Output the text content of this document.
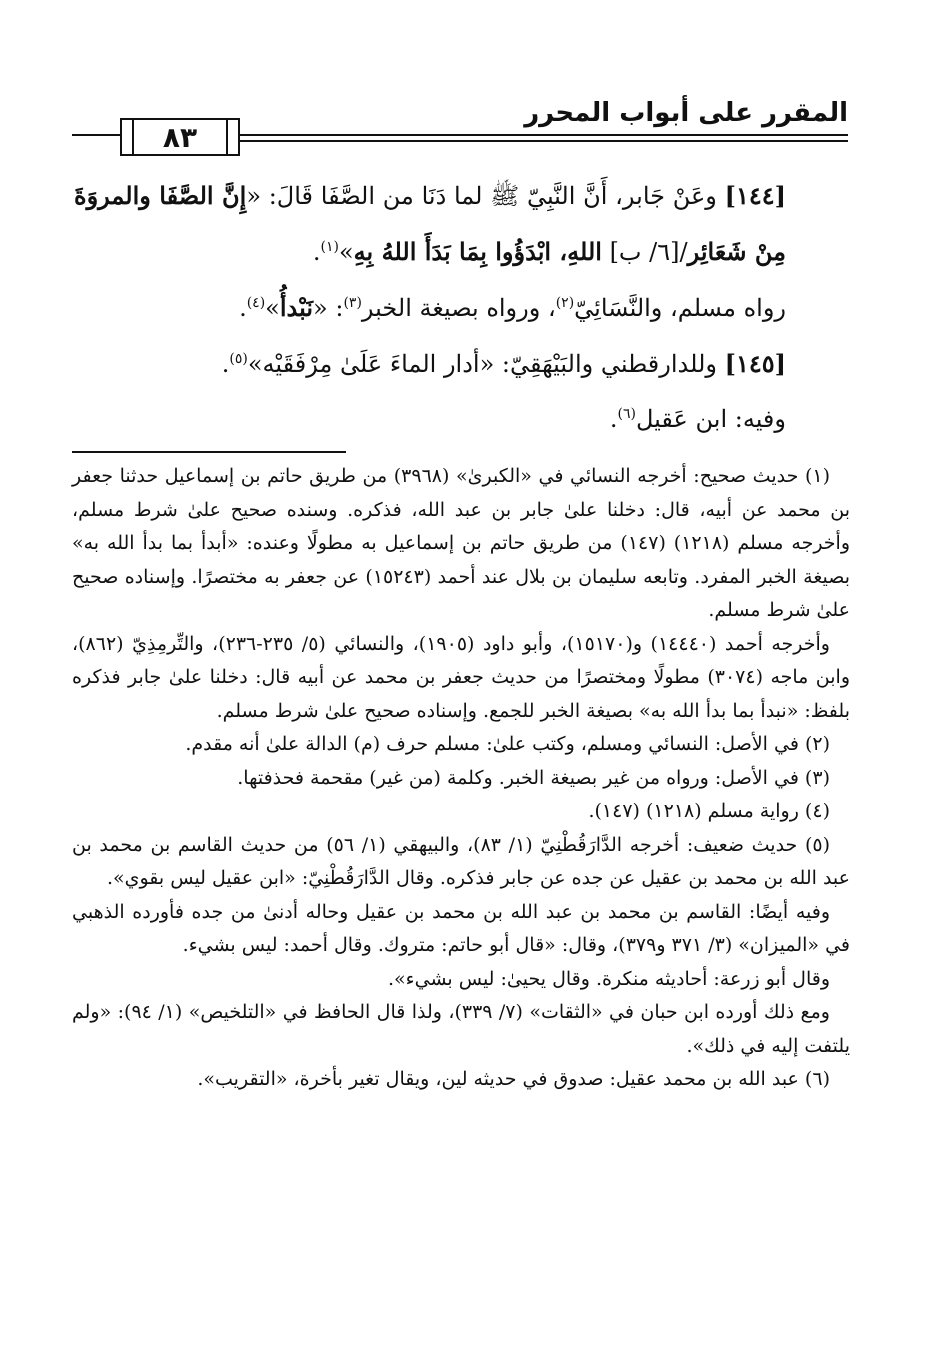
المقرر على أبواب المحرر
٨٣

[١٤٤] وعَنْ جَابر، أَنَّ النَّبِيّ ﷺ لما دَنَا من الصَّفَا قَالَ: «إِنَّ الصَّفَا والمروَةَ مِنْ شَعَائِر/[٦/ ب] اللهِ، ابْدَؤُوا بِمَا بَدَأَ اللهُ بِهِ»$^{(١)}$.

رواه مسلم، والنَّسَائِيّ$^{(٢)}$، ورواه بصيغة الخبر$^{(٣)}$: «نَبْدأُ»$^{(٤)}$.

[١٤٥] وللدارقطني والبَيْهَقِيّ: «أدار الماءَ عَلَىٰ مِرْفَقَيْه»$^{(٥)}$.

وفيه: ابن عَقيل$^{(٦)}$.

(١) حديث صحيح: أخرجه النسائي في «الكبرىٰ» (٣٩٦٨) من طريق حاتم بن إسماعيل حدثنا جعفر بن محمد عن أبيه، قال: دخلنا علىٰ جابر بن عبد الله، فذكره. وسنده صحيح علىٰ شرط مسلم، وأخرجه مسلم (١٢١٨) (١٤٧) من طريق حاتم بن إسماعيل به مطولًا وعنده: «أبدأ بما بدأ الله به» بصيغة الخبر المفرد. وتابعه سليمان بن بلال عند أحمد (١٥٢٤٣) عن جعفر به مختصرًا. وإسناده صحيح علىٰ شرط مسلم.

وأخرجه أحمد (١٤٤٤٠) و(١٥١٧٠)، وأبو داود (١٩٠٥)، والنسائي (٥/ ٢٣٥-٢٣٦)، والتِّرمِذِيّ (٨٦٢)، وابن ماجه (٣٠٧٤) مطولًا ومختصرًا من حديث جعفر بن محمد عن أبيه قال: دخلنا علىٰ جابر فذكره بلفظ: «نبدأ بما بدأ الله به» بصيغة الخبر للجمع. وإسناده صحيح علىٰ شرط مسلم.

(٢) في الأصل: النسائي ومسلم، وكتب علىٰ: مسلم حرف (م) الدالة علىٰ أنه مقدم.

(٣) في الأصل: ورواه من غير بصيغة الخبر. وكلمة (من غير) مقحمة فحذفتها.

(٤) رواية مسلم (١٢١٨) (١٤٧).

(٥) حديث ضعيف: أخرجه الدَّارَقُطْنِيّ (١/ ٨٣)، والبيهقي (١/ ٥٦) من حديث القاسم بن محمد بن عبد الله بن محمد بن عقيل عن جده عن جابر فذكره. وقال الدَّارَقُطْنِيّ: «ابن عقيل ليس بقوي».

وفيه أيضًا: القاسم بن محمد بن عبد الله بن محمد بن عقيل وحاله أدنىٰ من جده فأورده الذهبي في «الميزان» (٣/ ٣٧١ و٣٧٩)، وقال: «قال أبو حاتم: متروك. وقال أحمد: ليس بشيء.

وقال أبو زرعة: أحاديثه منكرة. وقال يحيىٰ: ليس بشيء».

ومع ذلك أورده ابن حبان في «الثقات» (٧/ ٣٣٩)، ولذا قال الحافظ في «التلخيص» (١/ ٩٤): «ولم يلتفت إليه في ذلك».

(٦) عبد الله بن محمد عقيل: صدوق في حديثه لين، ويقال تغير بأخرة، «التقريب».
